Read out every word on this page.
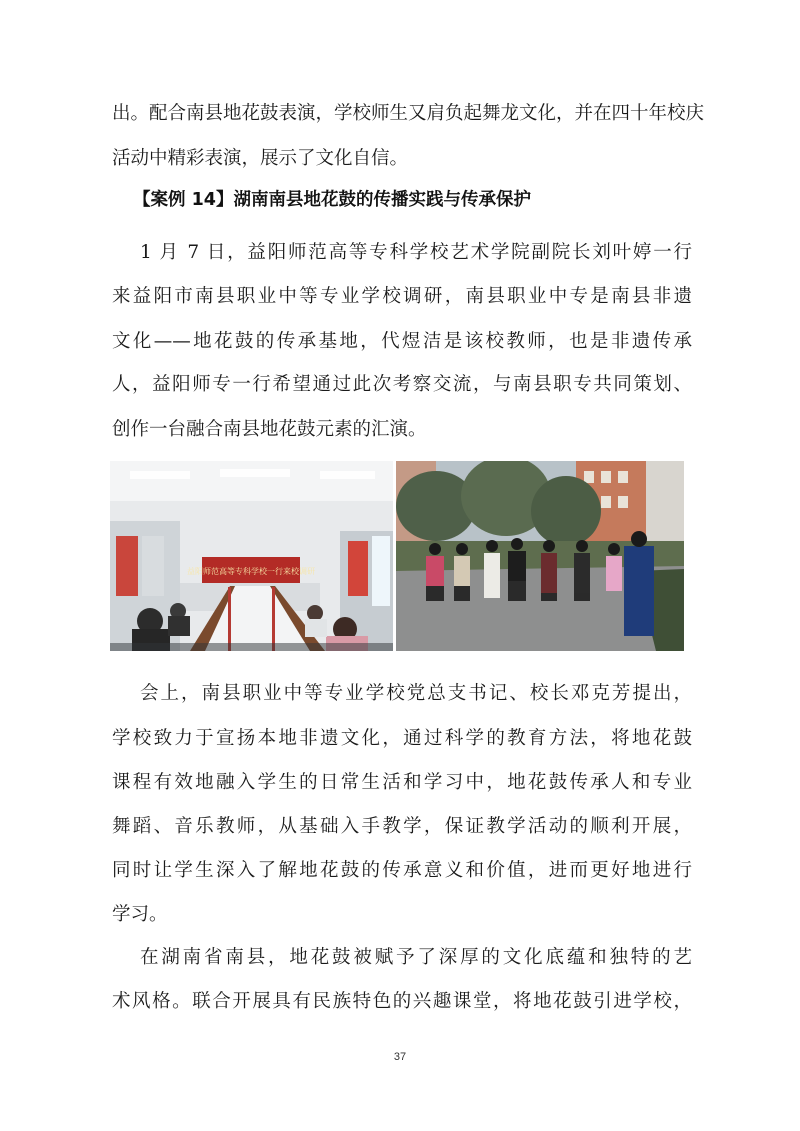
出。配合南县地花鼓表演，学校师生又肩负起舞龙文化，并在四十年校庆
活动中精彩表演，展示了文化自信。
【案例 14】湖南南县地花鼓的传播实践与传承保护
1 月 7 日，益阳师范高等专科学校艺术学院副院长刘叶婷一行
来益阳市南县职业中等专业学校调研，南县职业中专是南县非遗
文化——地花鼓的传承基地，代煜洁是该校教师，也是非遗传承
人，益阳师专一行希望通过此次考察交流，与南县职专共同策划、
创作一台融合南县地花鼓元素的汇演。
益阳师范高等专科学校一行来校调研
会上，南县职业中等专业学校党总支书记、校长邓克芳提出，
学校致力于宣扬本地非遗文化，通过科学的教育方法，将地花鼓
课程有效地融入学生的日常生活和学习中，地花鼓传承人和专业
舞蹈、音乐教师，从基础入手教学，保证教学活动的顺利开展，
同时让学生深入了解地花鼓的传承意义和价值，进而更好地进行
学习。
在湖南省南县，地花鼓被赋予了深厚的文化底蕴和独特的艺
术风格。联合开展具有民族特色的兴趣课堂，将地花鼓引进学校，
37
